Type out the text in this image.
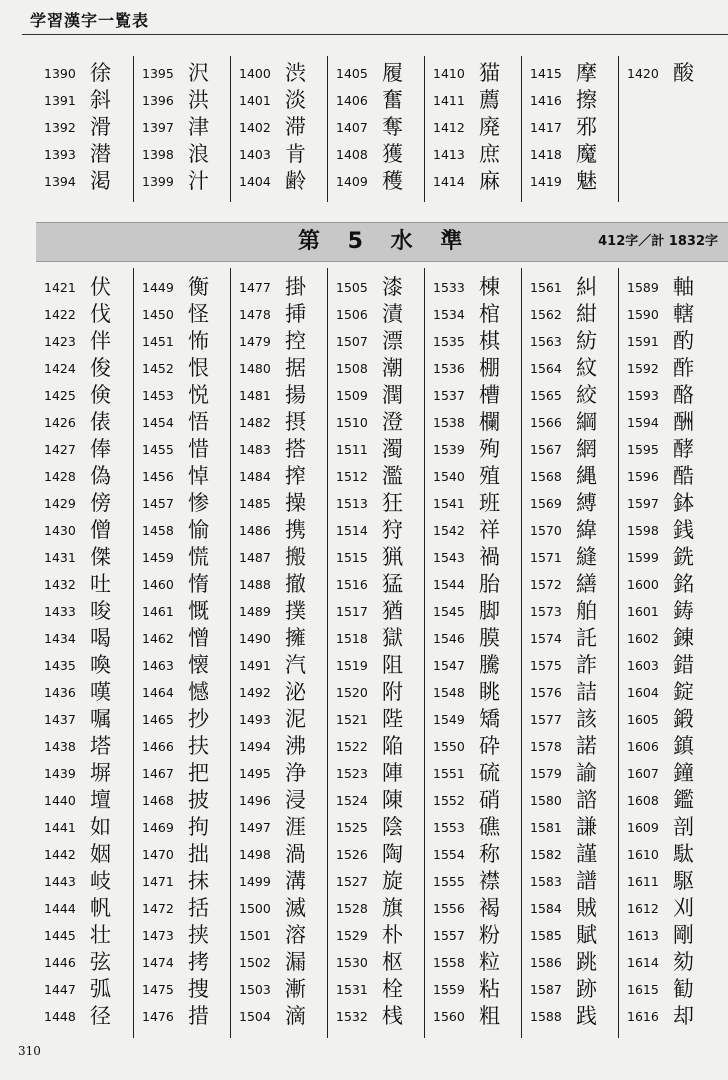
学習漢字一覧表
1390 徐
1391 斜
1392 滑
1393 潜
1394 渇
1395 沢
1396 洪
1397 津
1398 浪
1399 汁
1400 渋
1401 淡
1402 滞
1403 肯
1404 齢
1405 履
1406 奮
1407 奪
1408 獲
1409 穫
1410 猫
1411 薦
1412 廃
1413 庶
1414 麻
1415 摩
1416 擦
1417 邪
1418 魔
1419 魅
1420 酸
第 5 水 準	412字／計 1832字
1421 伏
1422 伐
1423 伴
1424 俊
1425 倹
1426 俵
1427 俸
1428 偽
1429 傍
1430 僧
1431 傑
1432 吐
1433 唆
1434 喝
1435 喚
1436 嘆
1437 嘱
1438 塔
1439 塀
1440 壇
1441 如
1442 姻
1443 岐
1444 帆
1445 壮
1446 弦
1447 弧
1448 径
1449 衡
1450 怪
1451 怖
1452 恨
1453 悦
1454 悟
1455 惜
1456 悼
1457 惨
1458 愉
1459 慌
1460 惰
1461 慨
1462 憎
1463 懐
1464 憾
1465 抄
1466 扶
1467 把
1468 披
1469 拘
1470 拙
1471 抹
1472 括
1473 挟
1474 拷
1475 捜
1476 措
1477 掛
1478 挿
1479 控
1480 据
1481 揚
1482 摂
1483 搭
1484 搾
1485 操
1486 携
1487 搬
1488 撤
1489 撲
1490 擁
1491 汽
1492 泌
1493 泥
1494 沸
1495 浄
1496 浸
1497 涯
1498 渦
1499 溝
1500 滅
1501 溶
1502 漏
1503 漸
1504 滴
1505 漆
1506 漬
1507 漂
1508 潮
1509 潤
1510 澄
1511 濁
1512 濫
1513 狂
1514 狩
1515 猟
1516 猛
1517 猶
1518 獄
1519 阻
1520 附
1521 陛
1522 陥
1523 陣
1524 陳
1525 陰
1526 陶
1527 旋
1528 旗
1529 朴
1530 枢
1531 栓
1532 桟
1533 棟
1534 棺
1535 棋
1536 棚
1537 槽
1538 欄
1539 殉
1540 殖
1541 班
1542 祥
1543 禍
1544 胎
1545 脚
1546 膜
1547 騰
1548 眺
1549 矯
1550 砕
1551 硫
1552 硝
1553 礁
1554 称
1555 襟
1556 褐
1557 粉
1558 粒
1559 粘
1560 粗
1561 糾
1562 紺
1563 紡
1564 紋
1565 絞
1566 綱
1567 網
1568 縄
1569 縛
1570 緯
1571 縫
1572 繕
1573 舶
1574 託
1575 詐
1576 詰
1577 該
1578 諾
1579 諭
1580 諮
1581 謙
1582 謹
1583 譜
1584 賊
1585 賦
1586 跳
1587 跡
1588 践
1589 軸
1590 轄
1591 酌
1592 酢
1593 酪
1594 酬
1595 酵
1596 酷
1597 鉢
1598 銭
1599 銑
1600 銘
1601 鋳
1602 錬
1603 錯
1604 錠
1605 鍛
1606 鎮
1607 鐘
1608 鑑
1609 剖
1610 駄
1611 駆
1612 刈
1613 剛
1614 劾
1615 勧
1616 却
310
